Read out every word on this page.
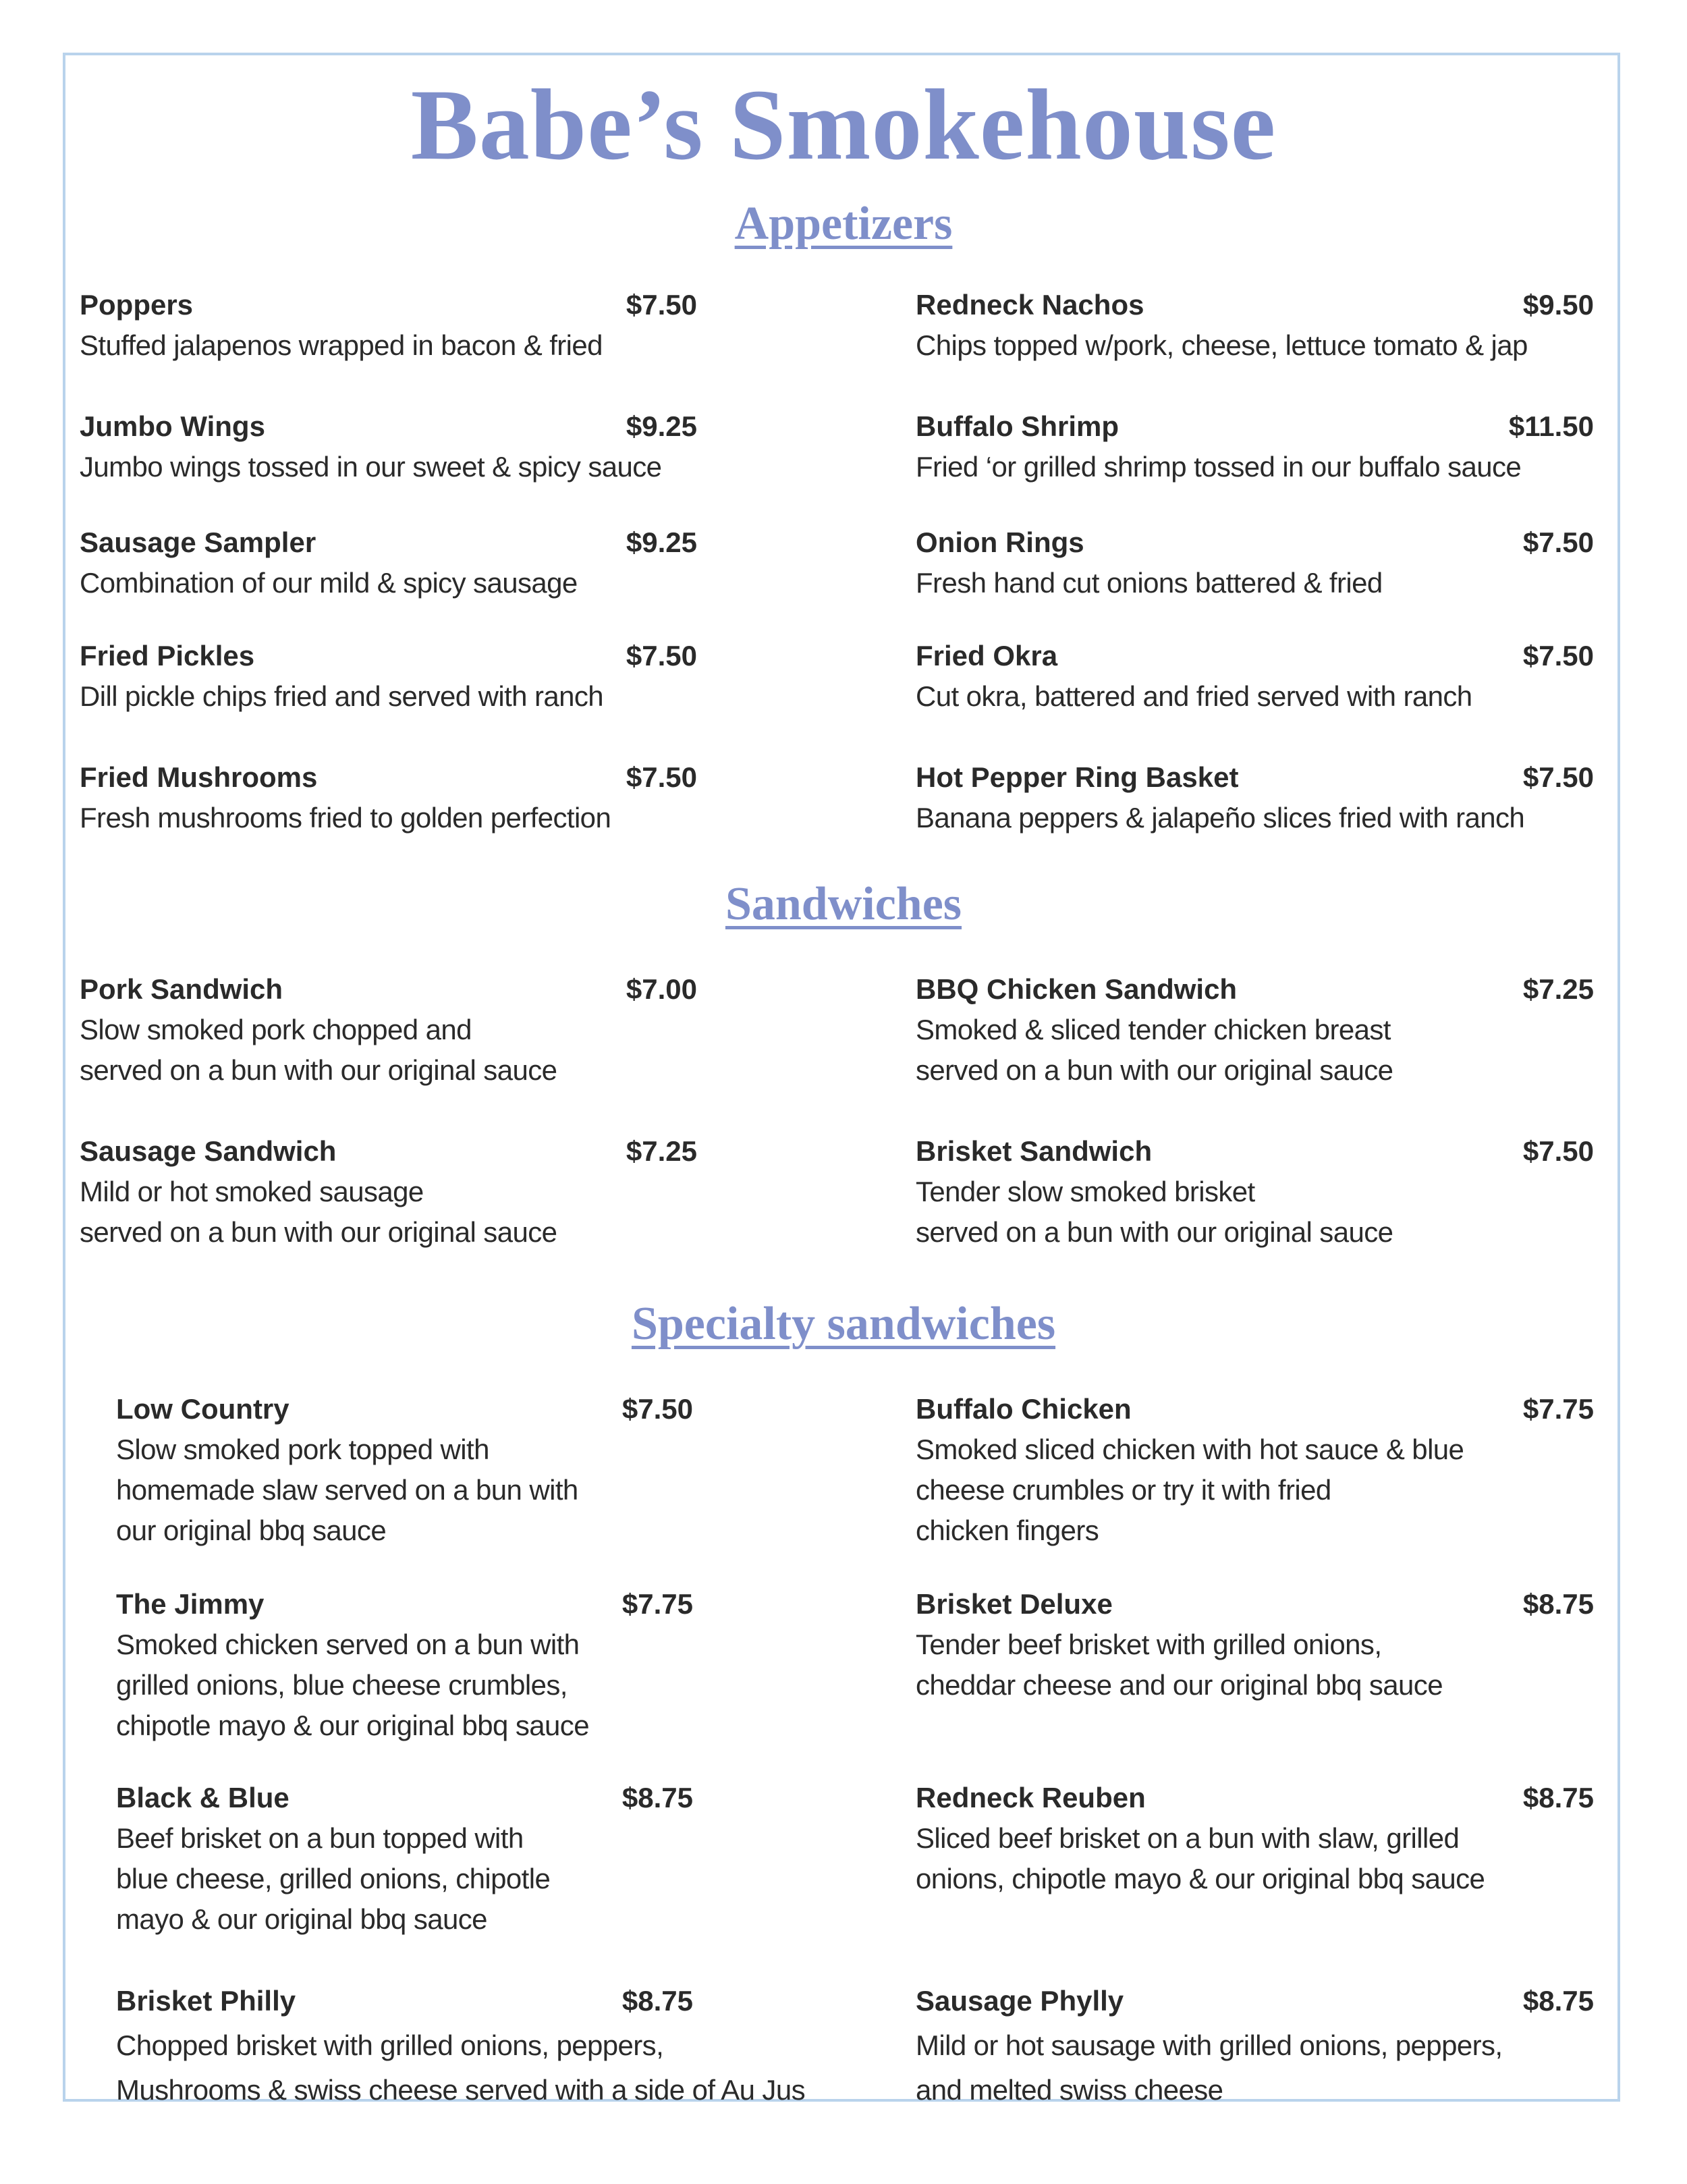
Babe’s Smokehouse
Appetizers
Sandwiches
Specialty sandwiches
Poppers	$7.50
Stuffed jalapenos wrapped in bacon & fried
Redneck Nachos	$9.50
Chips topped w/pork, cheese, lettuce tomato & jap
Jumbo Wings	$9.25
Jumbo wings tossed in our sweet & spicy sauce
Buffalo Shrimp	$11.50
Fried ‘or grilled shrimp tossed in our buffalo sauce
Sausage Sampler	$9.25
Combination of our mild & spicy sausage
Onion Rings	$7.50
Fresh hand cut onions battered & fried
Fried Pickles	$7.50
Dill pickle chips fried and served with ranch
Fried Okra	$7.50
Cut okra, battered and fried served with ranch
Fried Mushrooms	$7.50
Fresh mushrooms fried to golden perfection
Hot Pepper Ring Basket	$7.50
Banana peppers & jalapeño slices fried with ranch
Pork Sandwich	$7.00
Slow smoked pork chopped and
served on a bun with our original sauce
BBQ Chicken Sandwich	$7.25
Smoked & sliced tender chicken breast
served on a bun with our original sauce
Sausage Sandwich	$7.25
Mild or hot smoked sausage
served on a bun with our original sauce
Brisket Sandwich	$7.50
Tender slow smoked brisket
served on a bun with our original sauce
Low Country	$7.50
Slow smoked pork topped with
homemade slaw served on a bun with
our original bbq sauce
Buffalo Chicken	$7.75
Smoked sliced chicken with hot sauce & blue
cheese crumbles or try it with fried
chicken fingers
The Jimmy	$7.75
Smoked chicken served on a bun with
grilled onions, blue cheese crumbles,
chipotle mayo & our original bbq sauce
Brisket Deluxe	$8.75
Tender beef brisket with grilled onions,
cheddar cheese and our original bbq sauce
Black & Blue	$8.75
Beef brisket on a bun topped with
blue cheese, grilled onions, chipotle
mayo & our original bbq sauce
Redneck Reuben	$8.75
Sliced beef brisket on a bun with slaw, grilled
onions, chipotle mayo & our original bbq sauce
Brisket Philly	$8.75
Chopped brisket with grilled onions, peppers,
Mushrooms & swiss cheese served with a side of Au Jus
Sausage Phylly	$8.75
Mild or hot sausage with grilled onions, peppers,
and melted swiss cheese
